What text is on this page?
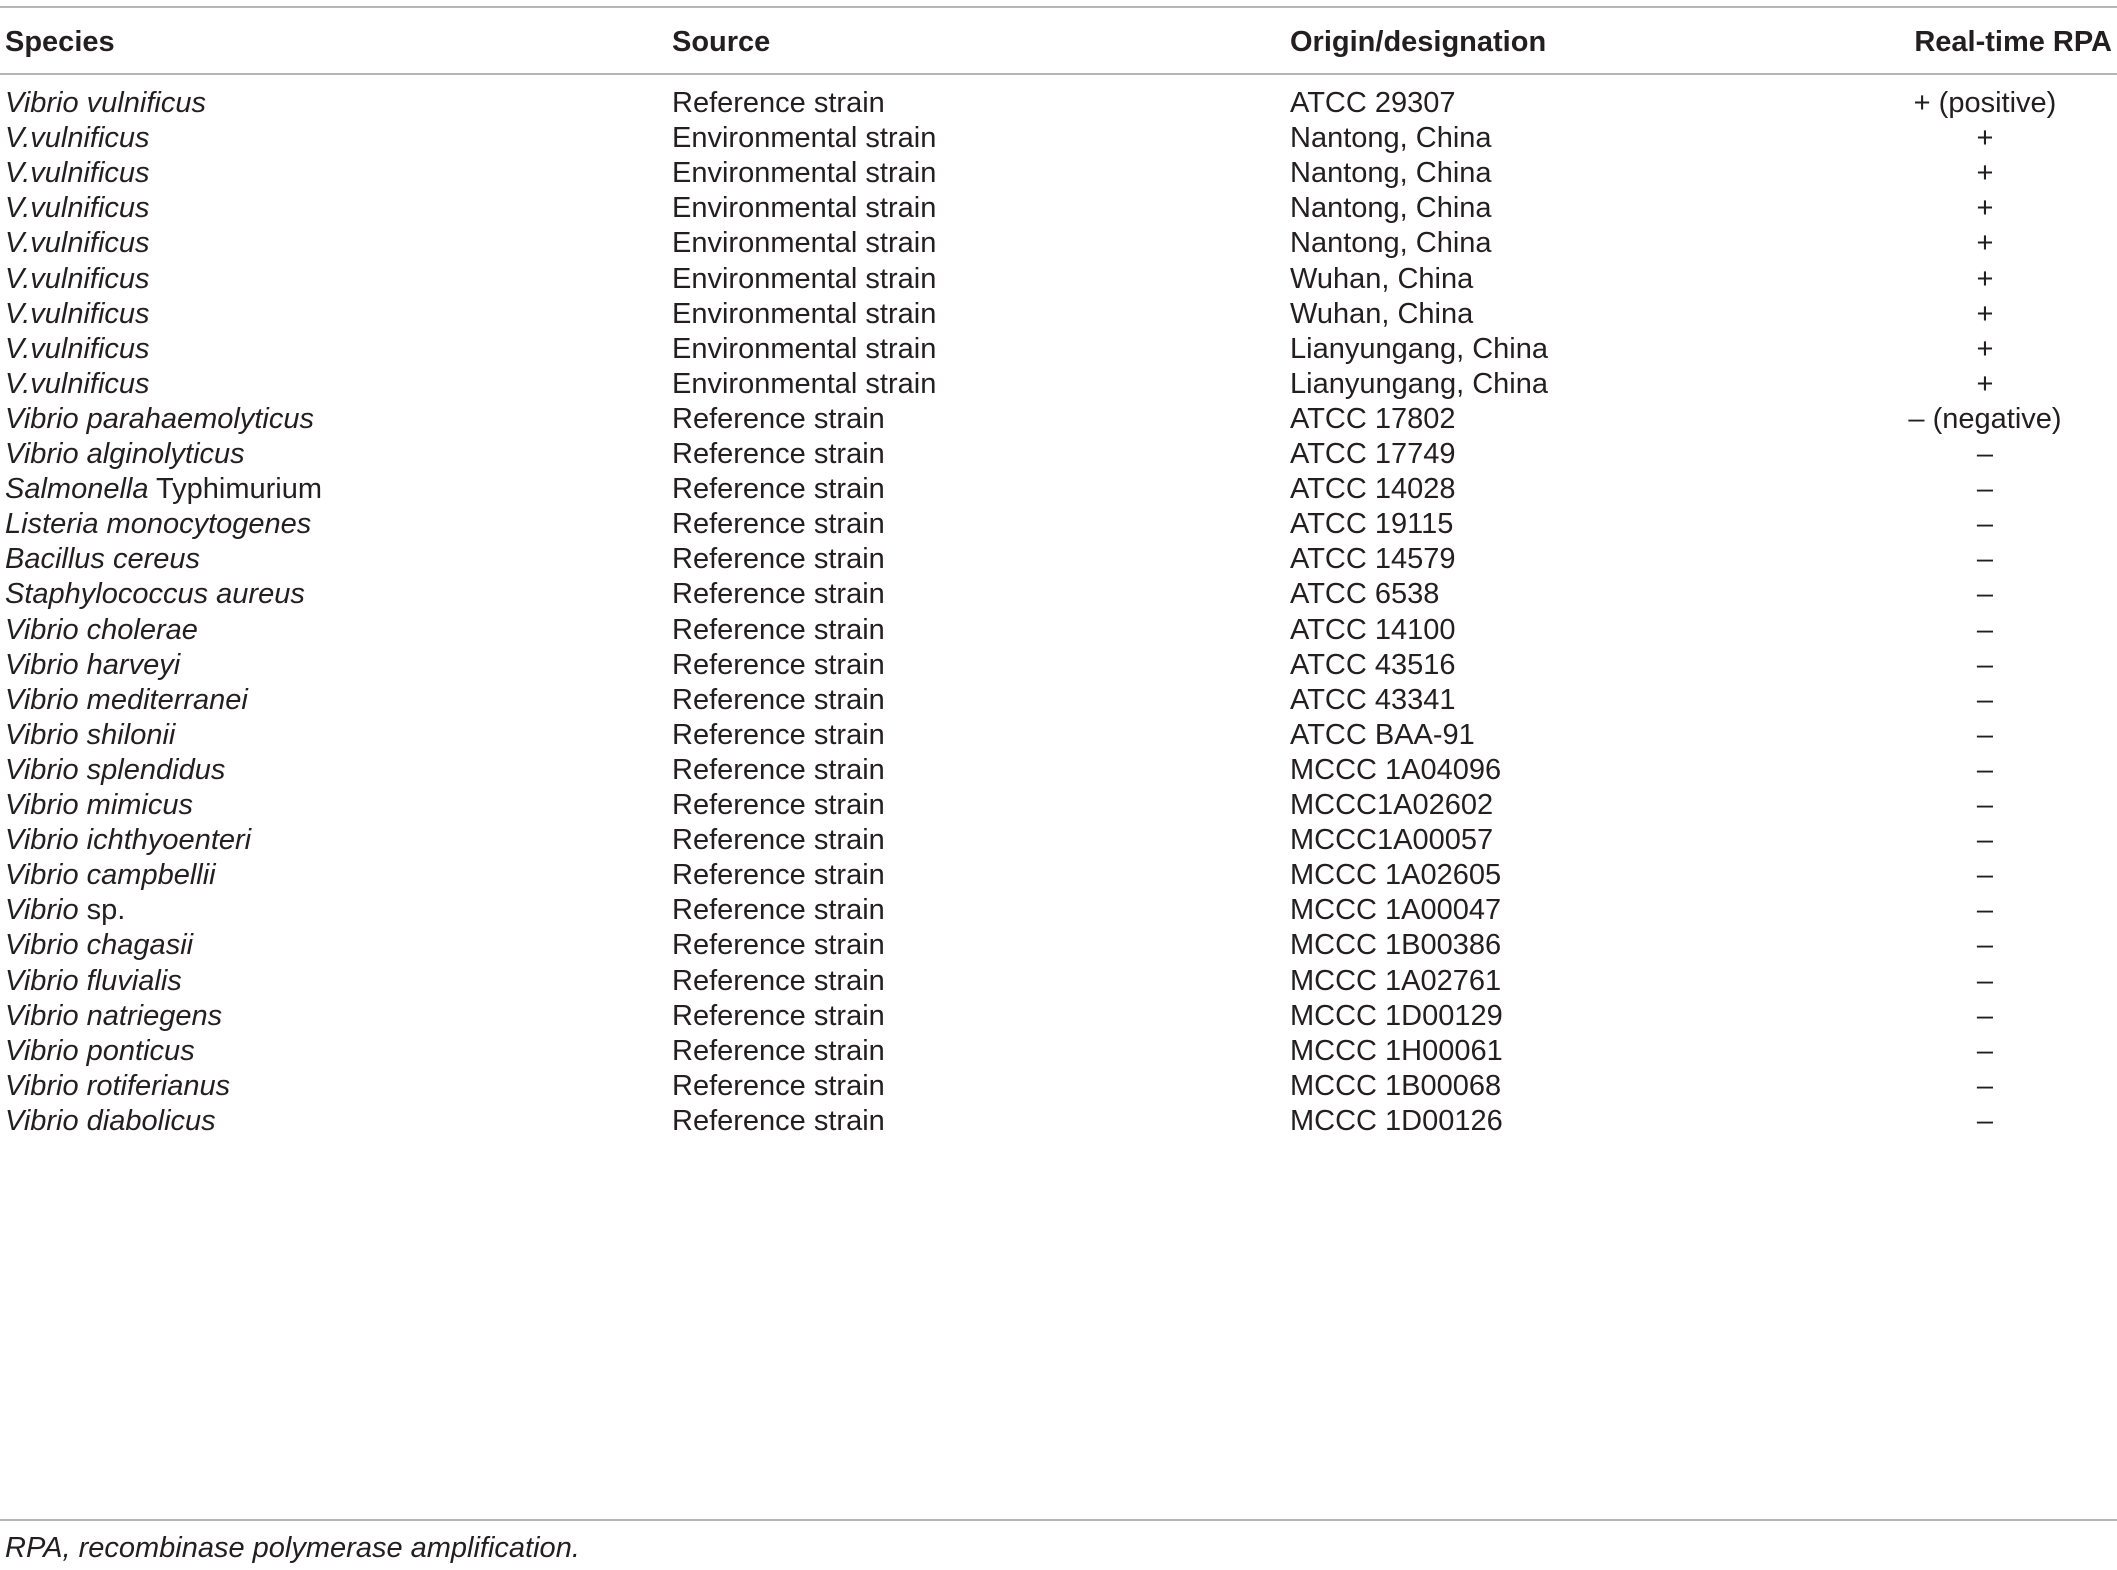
Species	Source	Origin/designation	Real-time RPA
Vibrio vulnificus	Reference strain	ATCC 29307	+ (positive)
V.vulnificus	Environmental strain	Nantong, China	+
V.vulnificus	Environmental strain	Nantong, China	+
V.vulnificus	Environmental strain	Nantong, China	+
V.vulnificus	Environmental strain	Nantong, China	+
V.vulnificus	Environmental strain	Wuhan, China	+
V.vulnificus	Environmental strain	Wuhan, China	+
V.vulnificus	Environmental strain	Lianyungang, China	+
V.vulnificus	Environmental strain	Lianyungang, China	+
Vibrio parahaemolyticus	Reference strain	ATCC 17802	– (negative)
Vibrio alginolyticus	Reference strain	ATCC 17749	–
Salmonella Typhimurium	Reference strain	ATCC 14028	–
Listeria monocytogenes	Reference strain	ATCC 19115	–
Bacillus cereus	Reference strain	ATCC 14579	–
Staphylococcus aureus	Reference strain	ATCC 6538	–
Vibrio cholerae	Reference strain	ATCC 14100	–
Vibrio harveyi	Reference strain	ATCC 43516	–
Vibrio mediterranei	Reference strain	ATCC 43341	–
Vibrio shilonii	Reference strain	ATCC BAA-91	–
Vibrio splendidus	Reference strain	MCCC 1A04096	–
Vibrio mimicus	Reference strain	MCCC1A02602	–
Vibrio ichthyoenteri	Reference strain	MCCC1A00057	–
Vibrio campbellii	Reference strain	MCCC 1A02605	–
Vibrio sp.	Reference strain	MCCC 1A00047	–
Vibrio chagasii	Reference strain	MCCC 1B00386	–
Vibrio fluvialis	Reference strain	MCCC 1A02761	–
Vibrio natriegens	Reference strain	MCCC 1D00129	–
Vibrio ponticus	Reference strain	MCCC 1H00061	–
Vibrio rotiferianus	Reference strain	MCCC 1B00068	–
Vibrio diabolicus	Reference strain	MCCC 1D00126	–
RPA, recombinase polymerase amplification.
